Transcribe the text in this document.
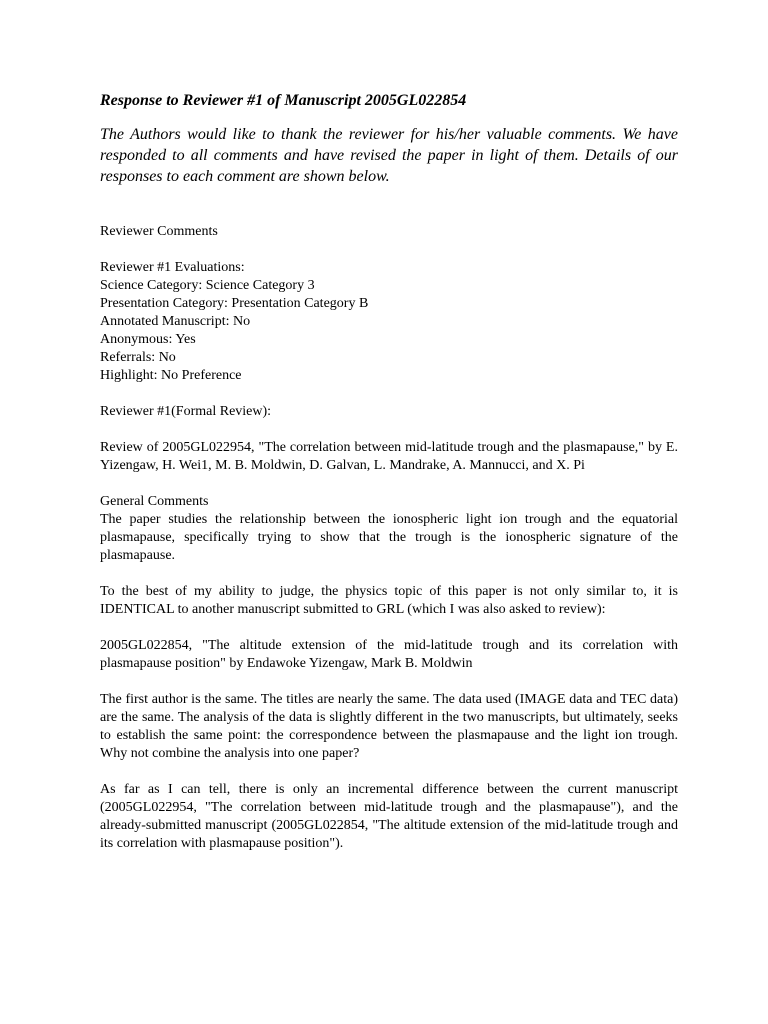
Response to Reviewer #1 of Manuscript 2005GL022854

The Authors would like to thank the reviewer for his/her valuable comments. We have responded to all comments and have revised the paper in light of them. Details of our responses to each comment are shown below.

Reviewer Comments

Reviewer #1 Evaluations:

Science Category: Science Category 3
Presentation Category: Presentation Category B
Annotated Manuscript: No
Anonymous: Yes
Referrals: No
Highlight: No Preference

Reviewer #1(Formal Review):

Review of 2005GL022954, "The correlation between mid-latitude trough and the plasmapause," by E. Yizengaw, H. Wei1, M. B. Moldwin, D. Galvan, L. Mandrake, A. Mannucci, and X. Pi

General Comments

The paper studies the relationship between the ionospheric light ion trough and the equatorial plasmapause, specifically trying to show that the trough is the ionospheric signature of the plasmapause.

To the best of my ability to judge, the physics topic of this paper is not only similar to, it is IDENTICAL to another manuscript submitted to GRL (which I was also asked to review):

2005GL022854, "The altitude extension of the mid-latitude trough and its correlation with plasmapause position" by Endawoke Yizengaw, Mark B. Moldwin

The first author is the same. The titles are nearly the same. The data used (IMAGE data and TEC data) are the same. The analysis of the data is slightly different in the two manuscripts, but ultimately, seeks to establish the same point: the correspondence between the plasmapause and the light ion trough. Why not combine the analysis into one paper?

As far as I can tell, there is only an incremental difference between the current manuscript (2005GL022954, "The correlation between mid-latitude trough and the plasmapause"), and the already-submitted manuscript (2005GL022854, "The altitude extension of the mid-latitude trough and its correlation with plasmapause position").
